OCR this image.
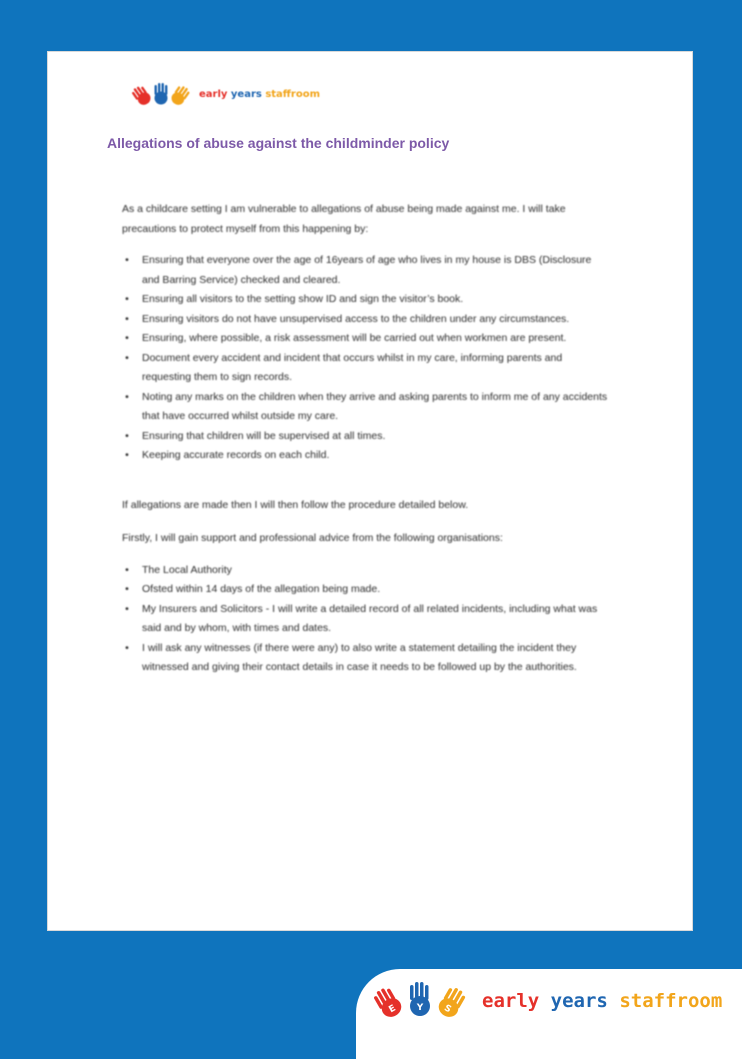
early years staffroom
Allegations of abuse against the childminder policy

As a childcare setting I am vulnerable to allegations of abuse being made against me. I will take precautions to protect myself from this happening by:

•	Ensuring that everyone over the age of 16years of age who lives in my house is DBS (Disclosure and Barring Service) checked and cleared.
•	Ensuring all visitors to the setting show ID and sign the visitor’s book.
•	Ensuring visitors do not have unsupervised access to the children under any circumstances.
•	Ensuring, where possible, a risk assessment will be carried out when workmen are present.
•	Document every accident and incident that occurs whilst in my care, informing parents and requesting them to sign records.
•	Noting any marks on the children when they arrive and asking parents to inform me of any accidents that have occurred whilst outside my care.
•	Ensuring that children will be supervised at all times.
•	Keeping accurate records on each child.

If allegations are made then I will then follow the procedure detailed below.

Firstly, I will gain support and professional advice from the following organisations:

•	The Local Authority
•	Ofsted within 14 days of the allegation being made.
•	My Insurers and Solicitors - I will write a detailed record of all related incidents, including what was said and by whom, with times and dates.
•	I will ask any witnesses (if there were any) to also write a statement detailing the incident they witnessed and giving their contact details in case it needs to be followed up by the authorities.
E Y S early years staffroom
